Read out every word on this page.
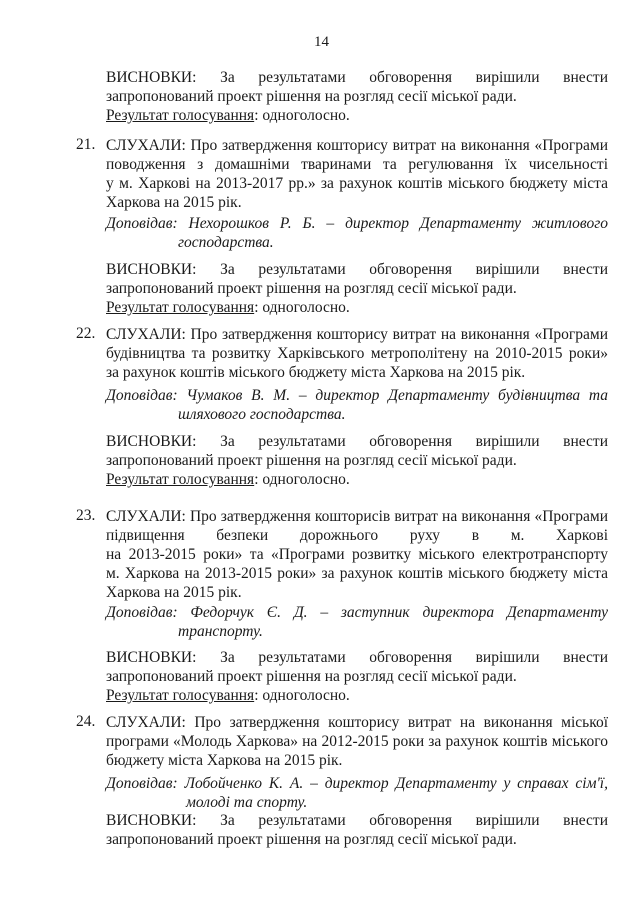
14
ВИСНОВКИ: За результатами обговорення вирішили внести
запропонований проект рішення на розгляд сесії міської ради.
Результат голосування: одноголосно.
21. СЛУХАЛИ: Про затвердження кошторису витрат на виконання «Програми
поводження з домашніми тваринами та регулювання їх чисельності
у м. Харкові на 2013-2017 рр.» за рахунок коштів міського бюджету міста
Харкова на 2015 рік.
Доповідав: Нехорошков Р. Б. – директор Департаменту житлового
господарства.
ВИСНОВКИ: За результатами обговорення вирішили внести
запропонований проект рішення на розгляд сесії міської ради.
Результат голосування: одноголосно.
22. СЛУХАЛИ: Про затвердження кошторису витрат на виконання «Програми
будівництва та розвитку Харківського метрополітену на 2010-2015 роки»
за рахунок коштів міського бюджету міста Харкова на 2015 рік.
Доповідав: Чумаков В. М. – директор Департаменту будівництва та
шляхового господарства.
ВИСНОВКИ: За результатами обговорення вирішили внести
запропонований проект рішення на розгляд сесії міської ради.
Результат голосування: одноголосно.
23. СЛУХАЛИ: Про затвердження кошторисів витрат на виконання «Програми
підвищення безпеки дорожнього руху в м. Харкові
на 2013-2015 роки» та «Програми розвитку міського електротранспорту
м. Харкова на 2013-2015 роки» за рахунок коштів міського бюджету міста
Харкова на 2015 рік.
Доповідав: Федорчук Є. Д. – заступник директора Департаменту
транспорту.
ВИСНОВКИ: За результатами обговорення вирішили внести
запропонований проект рішення на розгляд сесії міської ради.
Результат голосування: одноголосно.
24. СЛУХАЛИ: Про затвердження кошторису витрат на виконання міської
програми «Молодь Харкова» на 2012-2015 роки за рахунок коштів міського
бюджету міста Харкова на 2015 рік.
Доповідав: Лобойченко К. А. – директор Департаменту у справах сім'ї,
молоді та спорту.
ВИСНОВКИ: За результатами обговорення вирішили внести
запропонований проект рішення на розгляд сесії міської ради.
